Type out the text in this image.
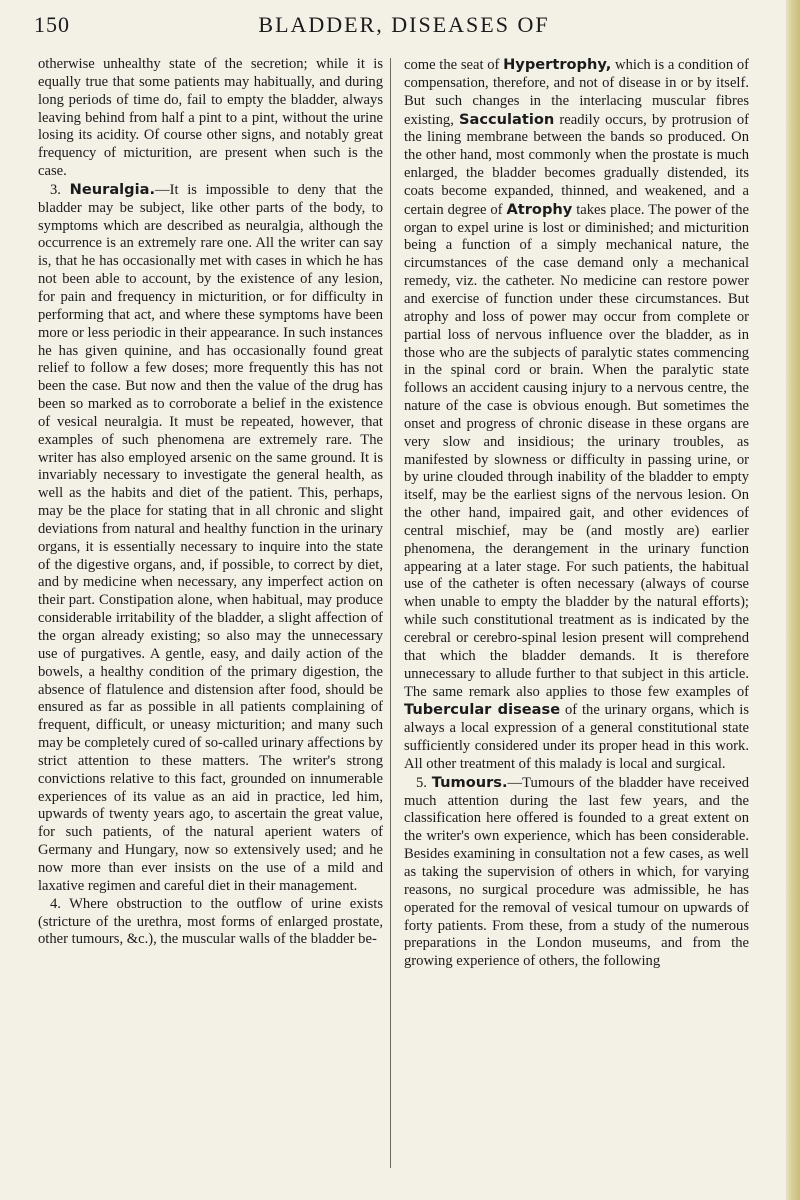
150	BLADDER, DISEASES OF

otherwise unhealthy state of the secretion; while it is equally true that some patients may habitually, and during long periods of time do, fail to empty the bladder, always leaving behind from half a pint to a pint, without the urine losing its acidity. Of course other signs, and notably great frequency of micturition, are present when such is the case.

3. Neuralgia.—It is impossible to deny that the bladder may be subject, like other parts of the body, to symptoms which are described as neuralgia, although the occurrence is an extremely rare one. All the writer can say is, that he has occasionally met with cases in which he has not been able to account, by the existence of any lesion, for pain and frequency in micturition, or for difficulty in performing that act, and where these symptoms have been more or less periodic in their appearance. In such instances he has given quinine, and has occasionally found great relief to follow a few doses; more frequently this has not been the case. But now and then the value of the drug has been so marked as to corroborate a belief in the existence of vesical neuralgia. It must be repeated, however, that examples of such phenomena are extremely rare. The writer has also employed arsenic on the same ground. It is invariably necessary to investigate the general health, as well as the habits and diet of the patient. This, perhaps, may be the place for stating that in all chronic and slight deviations from natural and healthy function in the urinary organs, it is essentially necessary to inquire into the state of the digestive organs, and, if possible, to correct by diet, and by medicine when necessary, any imperfect action on their part. Constipation alone, when habitual, may produce considerable irritability of the bladder, a slight affection of the organ already existing; so also may the unnecessary use of purgatives. A gentle, easy, and daily action of the bowels, a healthy condition of the primary digestion, the absence of flatulence and distension after food, should be ensured as far as possible in all patients complaining of frequent, difficult, or uneasy micturition; and many such may be completely cured of so-called urinary affections by strict attention to these matters. The writer's strong convictions relative to this fact, grounded on innumerable experiences of its value as an aid in practice, led him, upwards of twenty years ago, to ascertain the great value, for such patients, of the natural aperient waters of Germany and Hungary, now so extensively used; and he now more than ever insists on the use of a mild and laxative regimen and careful diet in their management.

4. Where obstruction to the outflow of urine exists (stricture of the urethra, most forms of enlarged prostate, other tumours, &c.), the muscular walls of the bladder be-

come the seat of Hypertrophy, which is a condition of compensation, therefore, and not of disease in or by itself. But such changes in the interlacing muscular fibres existing, Sacculation readily occurs, by protrusion of the lining membrane between the bands so produced. On the other hand, most commonly when the prostate is much enlarged, the bladder becomes gradually distended, its coats become expanded, thinned, and weakened, and a certain degree of Atrophy takes place. The power of the organ to expel urine is lost or diminished; and micturition being a function of a simply mechanical nature, the circumstances of the case demand only a mechanical remedy, viz. the catheter. No medicine can restore power and exercise of function under these circumstances. But atrophy and loss of power may occur from complete or partial loss of nervous influence over the bladder, as in those who are the subjects of paralytic states commencing in the spinal cord or brain. When the paralytic state follows an accident causing injury to a nervous centre, the nature of the case is obvious enough. But sometimes the onset and progress of chronic disease in these organs are very slow and insidious; the urinary troubles, as manifested by slowness or difficulty in passing urine, or by urine clouded through inability of the bladder to empty itself, may be the earliest signs of the nervous lesion. On the other hand, impaired gait, and other evidences of central mischief, may be (and mostly are) earlier phenomena, the derangement in the urinary function appearing at a later stage. For such patients, the habitual use of the catheter is often necessary (always of course when unable to empty the bladder by the natural efforts); while such constitutional treatment as is indicated by the cerebral or cerebro-spinal lesion present will comprehend that which the bladder demands. It is therefore unnecessary to allude further to that subject in this article. The same remark also applies to those few examples of Tubercular disease of the urinary organs, which is always a local expression of a general constitutional state sufficiently considered under its proper head in this work. All other treatment of this malady is local and surgical.

5. Tumours.—Tumours of the bladder have received much attention during the last few years, and the classification here offered is founded to a great extent on the writer's own experience, which has been considerable. Besides examining in consultation not a few cases, as well as taking the supervision of others in which, for varying reasons, no surgical procedure was admissible, he has operated for the removal of vesical tumour on upwards of forty patients. From these, from a study of the numerous preparations in the London museums, and from the growing experience of others, the following
